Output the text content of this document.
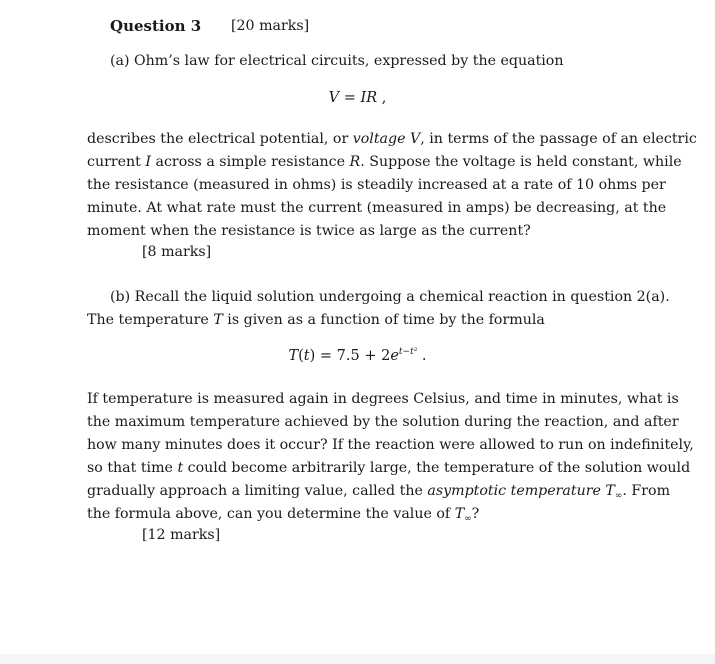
Question 3 [20 marks]
(a) Ohm’s law for electrical circuits, expressed by the equation
V = IR ,
describes the electrical potential, or voltage V, in terms of the passage of an electric
current I across a simple resistance R. Suppose the voltage is held constant, while
the resistance (measured in ohms) is steadily increased at a rate of 10 ohms per
minute. At what rate must the current (measured in amps) be decreasing, at the
moment when the resistance is twice as large as the current?
[8 marks]
(b) Recall the liquid solution undergoing a chemical reaction in question 2(a).
The temperature T is given as a function of time by the formula
$T(t) = 7.5 + 2e^{t-t^2}$ .
If temperature is measured again in degrees Celsius, and time in minutes, what is
the maximum temperature achieved by the solution during the reaction, and after
how many minutes does it occur? If the reaction were allowed to run on indefinitely,
so that time t could become arbitrarily large, the temperature of the solution would
gradually approach a limiting value, called the asymptotic temperature $T_\infty$. From
the formula above, can you determine the value of $T_\infty$?
[12 marks]
